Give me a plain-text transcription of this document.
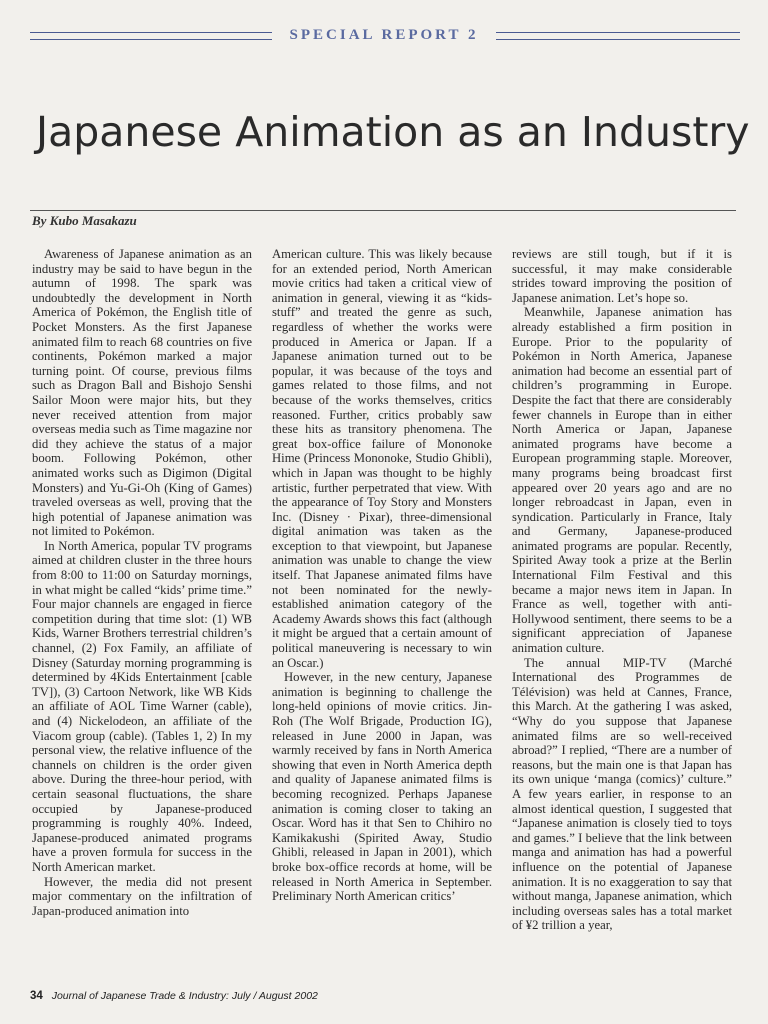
SPECIAL REPORT 2
Japanese Animation as an Industry
By Kubo Masakazu

Awareness of Japanese animation as an industry may be said to have begun in the autumn of 1998. The spark was undoubtedly the development in North America of Pokémon, the English title of Pocket Monsters. As the first Japanese animated film to reach 68 countries on five continents, Pokémon marked a major turning point. Of course, previous films such as Dragon Ball and Bishojo Senshi Sailor Moon were major hits, but they never received attention from major overseas media such as Time magazine nor did they achieve the status of a major boom. Following Pokémon, other animated works such as Digimon (Digital Monsters) and Yu-Gi-Oh (King of Games) traveled overseas as well, proving that the high potential of Japanese animation was not limited to Pokémon.

In North America, popular TV programs aimed at children cluster in the three hours from 8:00 to 11:00 on Saturday mornings, in what might be called “kids’ prime time.” Four major channels are engaged in fierce competition during that time slot: (1) WB Kids, Warner Brothers terrestrial children’s channel, (2) Fox Family, an affiliate of Disney (Saturday morning programming is determined by 4Kids Entertainment [cable TV]), (3) Cartoon Network, like WB Kids an affiliate of AOL Time Warner (cable), and (4) Nickelodeon, an affiliate of the Viacom group (cable). (Tables 1, 2) In my personal view, the relative influence of the channels on children is the order given above. During the three-hour period, with certain seasonal fluctuations, the share occupied by Japanese-produced programming is roughly 40%. Indeed, Japanese-produced animated programs have a proven formula for success in the North American market.

However, the media did not present major commentary on the infiltration of Japan-produced animation into

American culture. This was likely because for an extended period, North American movie critics had taken a critical view of animation in general, viewing it as “kids-stuff” and treated the genre as such, regardless of whether the works were produced in America or Japan. If a Japanese animation turned out to be popular, it was because of the toys and games related to those films, and not because of the works themselves, critics reasoned. Further, critics probably saw these hits as transitory phenomena. The great box-office failure of Mononoke Hime (Princess Mononoke, Studio Ghibli), which in Japan was thought to be highly artistic, further perpetrated that view. With the appearance of Toy Story and Monsters Inc. (Disney · Pixar), three-dimensional digital animation was taken as the exception to that viewpoint, but Japanese animation was unable to change the view itself. That Japanese animated films have not been nominated for the newly-established animation category of the Academy Awards shows this fact (although it might be argued that a certain amount of political maneuvering is necessary to win an Oscar.)

However, in the new century, Japanese animation is beginning to challenge the long-held opinions of movie critics. Jin-Roh (The Wolf Brigade, Production IG), released in June 2000 in Japan, was warmly received by fans in North America showing that even in North America depth and quality of Japanese animated films is becoming recognized. Perhaps Japanese animation is coming closer to taking an Oscar. Word has it that Sen to Chihiro no Kamikakushi (Spirited Away, Studio Ghibli, released in Japan in 2001), which broke box-office records at home, will be released in North America in September. Preliminary North American critics’

reviews are still tough, but if it is successful, it may make considerable strides toward improving the position of Japanese animation. Let’s hope so.

Meanwhile, Japanese animation has already established a firm position in Europe. Prior to the popularity of Pokémon in North America, Japanese animation had become an essential part of children’s programming in Europe. Despite the fact that there are considerably fewer channels in Europe than in either North America or Japan, Japanese animated programs have become a European programming staple. Moreover, many programs being broadcast first appeared over 20 years ago and are no longer rebroadcast in Japan, even in syndication. Particularly in France, Italy and Germany, Japanese-produced animated programs are popular. Recently, Spirited Away took a prize at the Berlin International Film Festival and this became a major news item in Japan. In France as well, together with anti-Hollywood sentiment, there seems to be a significant appreciation of Japanese animation culture.

The annual MIP-TV (Marché International des Programmes de Télévision) was held at Cannes, France, this March. At the gathering I was asked, “Why do you suppose that Japanese animated films are so well-received abroad?” I replied, “There are a number of reasons, but the main one is that Japan has its own unique ‘manga (comics)’ culture.” A few years earlier, in response to an almost identical question, I suggested that “Japanese animation is closely tied to toys and games.” I believe that the link between manga and animation has had a powerful influence on the potential of Japanese animation. It is no exaggeration to say that without manga, Japanese animation, which including overseas sales has a total market of ¥2 trillion a year,

34 Journal of Japanese Trade & Industry: July / August 2002
